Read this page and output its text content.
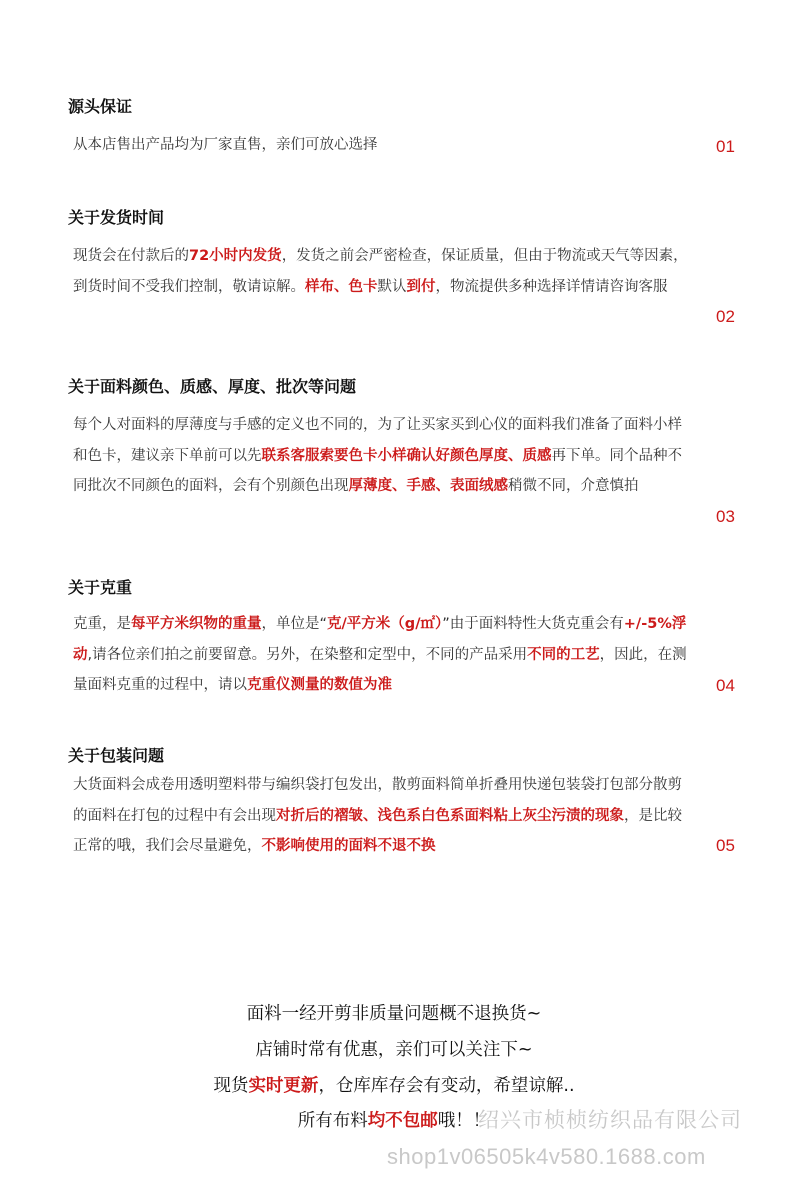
源头保证
从本店售出产品均为厂家直售，亲们可放心选择	01
关于发货时间
现货会在付款后的72小时内发货，发货之前会严密检查，保证质量，但由于物流或天气等因素，到货时间不受我们控制，敬请谅解。样布、色卡默认到付，物流提供多种选择详情请咨询客服
02
关于面料颜色、质感、厚度、批次等问题
每个人对面料的厚薄度与手感的定义也不同的，为了让买家买到心仪的面料我们准备了面料小样和色卡，建议亲下单前可以先联系客服索要色卡小样确认好颜色厚度、质感再下单。同个品种不同批次不同颜色的面料，会有个别颜色出现厚薄度、手感、表面绒感稍微不同，介意慎拍
03
关于克重
克重，是每平方米织物的重量，单位是“克/平方米（g/㎡）”由于面料特性大货克重会有+/-5%浮动,请各位亲们拍之前要留意。另外，在染整和定型中，不同的产品采用不同的工艺，因此，在测量面料克重的过程中，请以克重仪测量的数值为准	04
关于包装问题
大货面料会成卷用透明塑料带与编织袋打包发出，散剪面料简单折叠用快递包装袋打包部分散剪的面料在打包的过程中有会出现对折后的褶皱、浅色系白色系面料粘上灰尘污渍的现象，是比较正常的哦，我们会尽量避免，不影响使用的面料不退不换	05
面料一经开剪非质量问题概不退换货~
店铺时常有优惠，亲们可以关注下~
现货实时更新，仓库库存会有变动，希望谅解..
所有布料均不包邮哦！！
绍兴市桢桢纺织品有限公司
shop1v06505k4v580.1688.com
